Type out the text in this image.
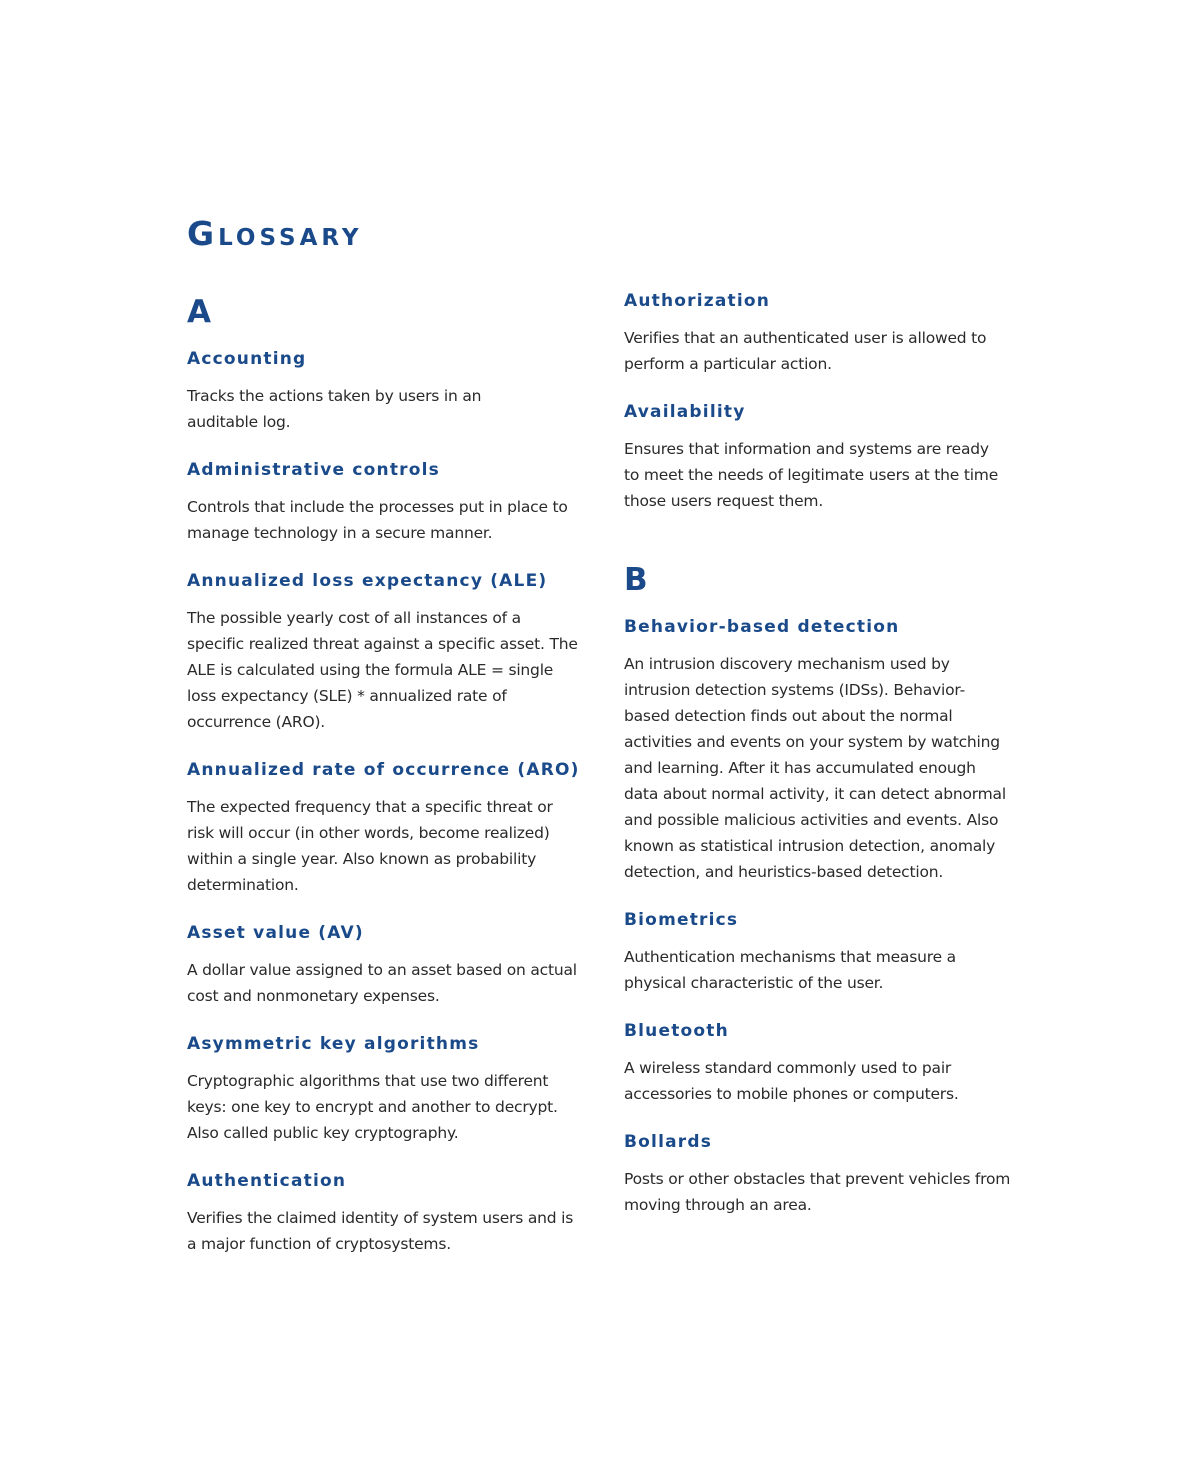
Glossary
A
Accounting
Tracks the actions taken by users in an auditable log.
Administrative controls
Controls that include the processes put in place to manage technology in a secure manner.
Annualized loss expectancy (ALE)
The possible yearly cost of all instances of a specific realized threat against a specific asset. The ALE is calculated using the formula ALE = single loss expectancy (SLE) * annualized rate of occurrence (ARO).
Annualized rate of occurrence (ARO)
The expected frequency that a specific threat or risk will occur (in other words, become realized) within a single year. Also known as probability determination.
Asset value (AV)
A dollar value assigned to an asset based on actual cost and nonmonetary expenses.
Asymmetric key algorithms
Cryptographic algorithms that use two different keys: one key to encrypt and another to decrypt. Also called public key cryptography.
Authentication
Verifies the claimed identity of system users and is a major function of cryptosystems.
Authorization
Verifies that an authenticated user is allowed to perform a particular action.
Availability
Ensures that information and systems are ready to meet the needs of legitimate users at the time those users request them.
B
Behavior-based detection
An intrusion discovery mechanism used by intrusion detection systems (IDSs). Behavior-based detection finds out about the normal activities and events on your system by watching and learning. After it has accumulated enough data about normal activity, it can detect abnormal and possible malicious activities and events. Also known as statistical intrusion detection, anomaly detection, and heuristics-based detection.
Biometrics
Authentication mechanisms that measure a physical characteristic of the user.
Bluetooth
A wireless standard commonly used to pair accessories to mobile phones or computers.
Bollards
Posts or other obstacles that prevent vehicles from moving through an area.
